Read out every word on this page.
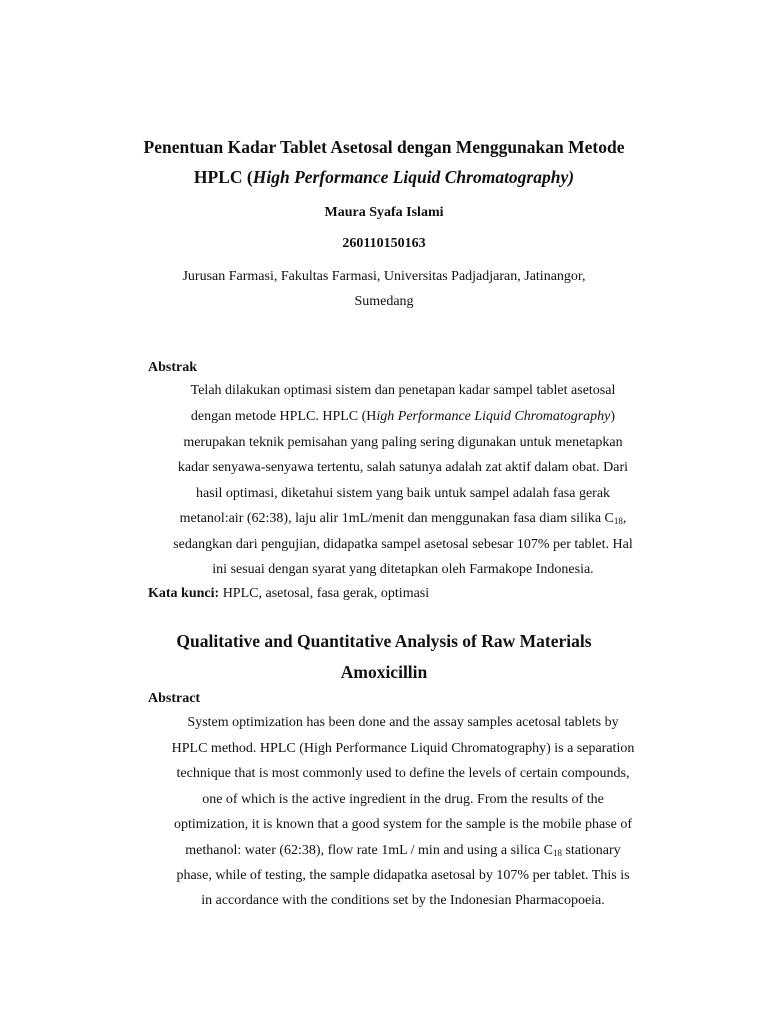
Penentuan Kadar Tablet Asetosal dengan Menggunakan Metode
HPLC (High Performance Liquid Chromatography)
Maura Syafa Islami
260110150163
Jurusan Farmasi, Fakultas Farmasi, Universitas Padjadjaran, Jatinangor,
Sumedang
Abstrak
Telah dilakukan optimasi sistem dan penetapan kadar sampel tablet asetosal
dengan metode HPLC. HPLC (High Performance Liquid Chromatography)
merupakan teknik pemisahan yang paling sering digunakan untuk menetapkan
kadar senyawa-senyawa tertentu, salah satunya adalah zat aktif dalam obat. Dari
hasil optimasi, diketahui sistem yang baik untuk sampel adalah fasa gerak
metanol:air (62:38), laju alir 1mL/menit dan menggunakan fasa diam silika $C_{18}$,
sedangkan dari pengujian, didapatka sampel asetosal sebesar 107% per tablet. Hal
ini sesuai dengan syarat yang ditetapkan oleh Farmakope Indonesia.
Kata kunci: HPLC, asetosal, fasa gerak, optimasi
Qualitative and Quantitative Analysis of Raw Materials
Amoxicillin
Abstract
System optimization has been done and the assay samples acetosal tablets by
HPLC method. HPLC (High Performance Liquid Chromatography) is a separation
technique that is most commonly used to define the levels of certain compounds,
one of which is the active ingredient in the drug. From the results of the
optimization, it is known that a good system for the sample is the mobile phase of
methanol: water (62:38), flow rate 1mL / min and using a silica $C_{18}$ stationary
phase, while of testing, the sample didapatka asetosal by 107% per tablet. This is
in accordance with the conditions set by the Indonesian Pharmacopoeia.
